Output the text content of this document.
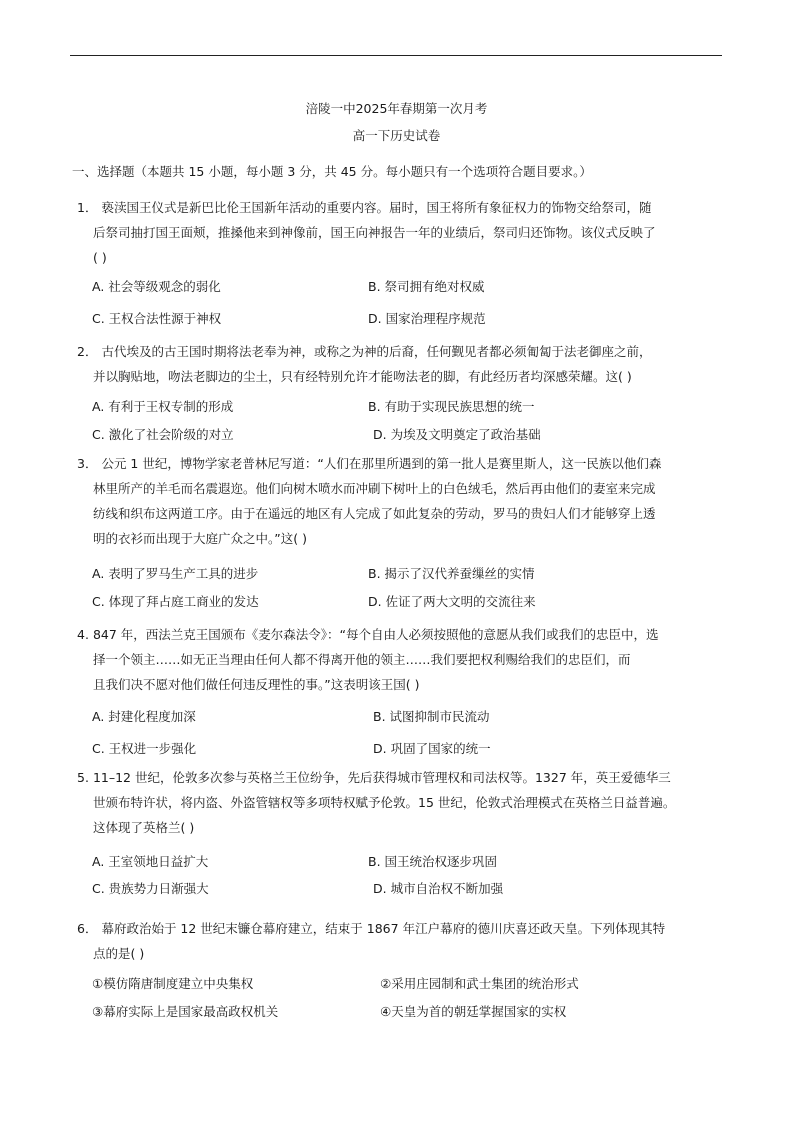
涪陵一中2025年春期第一次月考
高一下历史试卷
一、选择题（本题共 15 小题，每小题 3 分，共 45 分。每小题只有一个选项符合题目要求。）
1． 亵渎国王仪式是新巴比伦王国新年活动的重要内容。届时，国王将所有象征权力的饰物交给祭司，随
后祭司抽打国王面颊，推搡他来到神像前，国王向神报告一年的业绩后，祭司归还饰物。该仪式反映了
( )
A. 社会等级观念的弱化	B. 祭司拥有绝对权威
C. 王权合法性源于神权	D. 国家治理程序规范
2． 古代埃及的古王国时期将法老奉为神，或称之为神的后裔，任何觐见者都必须匍匐于法老御座之前，
并以胸贴地，吻法老脚边的尘土，只有经特别允许才能吻法老的脚，有此经历者均深感荣耀。这( )
A. 有利于王权专制的形成	B. 有助于实现民族思想的统一
C. 激化了社会阶级的对立	D. 为埃及文明奠定了政治基础
3． 公元 1 世纪，博物学家老普林尼写道：“人们在那里所遇到的第一批人是赛里斯人，这一民族以他们森
林里所产的羊毛而名震遐迩。他们向树木喷水而冲刷下树叶上的白色绒毛，然后再由他们的妻室来完成
纺线和织布这两道工序。由于在遥远的地区有人完成了如此复杂的劳动，罗马的贵妇人们才能够穿上透
明的衣衫而出现于大庭广众之中。”这( )
A. 表明了罗马生产工具的进步	B. 揭示了汉代养蚕缫丝的实情
C. 体现了拜占庭工商业的发达	D. 佐证了两大文明的交流往来
4. 847 年，西法兰克王国颁布《麦尔森法令》：“每个自由人必须按照他的意愿从我们或我们的忠臣中，选
择一个领主……如无正当理由任何人都不得离开他的领主……我们要把权利赐给我们的忠臣们，而
且我们决不愿对他们做任何违反理性的事。”这表明该王国( )
A. 封建化程度加深	B. 试图抑制市民流动
C. 王权进一步强化	D. 巩固了国家的统一
5. 11–12 世纪，伦敦多次参与英格兰王位纷争，先后获得城市管理权和司法权等。1327 年，英王爱德华三
世颁布特许状，将内盗、外盗管辖权等多项特权赋予伦敦。15 世纪，伦敦式治理模式在英格兰日益普遍。
这体现了英格兰( )
A. 王室领地日益扩大	B. 国王统治权逐步巩固
C. 贵族势力日渐强大	D. 城市自治权不断加强
6． 幕府政治始于 12 世纪末镰仓幕府建立，结束于 1867 年江户幕府的德川庆喜还政天皇。下列体现其特
点的是( )
①模仿隋唐制度建立中央集权	②采用庄园制和武士集团的统治形式
③幕府实际上是国家最高政权机关	④天皇为首的朝廷掌握国家的实权
